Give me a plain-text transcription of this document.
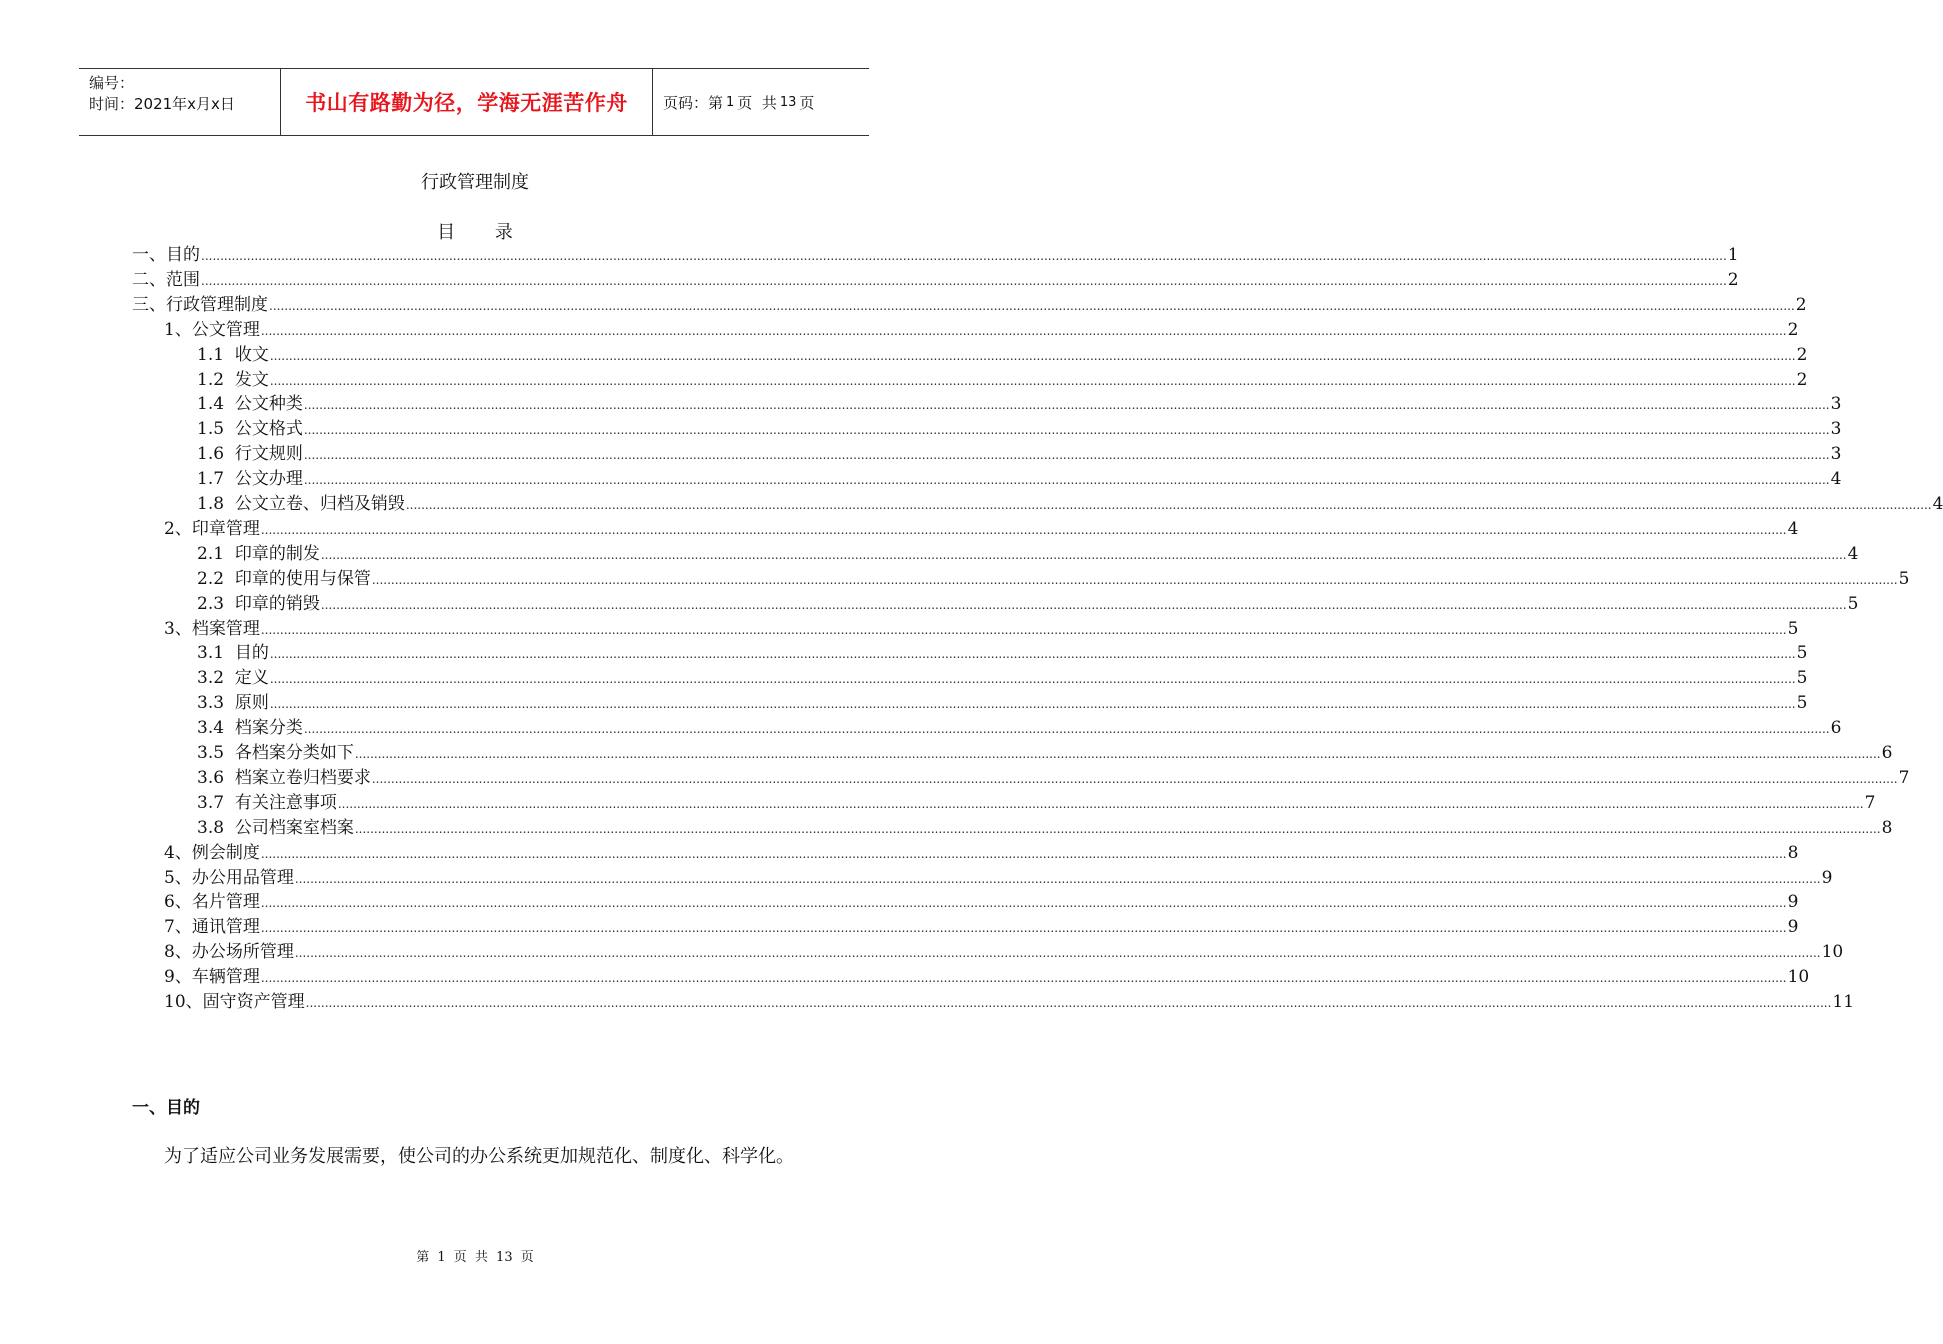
编号：
时间：2021年x月x日	书山有路勤为径，学海无涯苦作舟	页码：第 1 页  共 13 页
行政管理制度
目 录
一、目的 ................................................................................................................................................................................................................................................................................................................................................................................................................ 1
二、范围 ................................................................................................................................................................................................................................................................................................................................................................................................................ 2
三、行政管理制度 ................................................................................................................................................................................................................................................................................................................................................................................................................ 2
1、公文管理 ................................................................................................................................................................................................................................................................................................................................................................................................................ 2
1.1  收文 ................................................................................................................................................................................................................................................................................................................................................................................................................ 2
1.2  发文 ................................................................................................................................................................................................................................................................................................................................................................................................................ 2
1.4  公文种类 ................................................................................................................................................................................................................................................................................................................................................................................................................ 3
1.5  公文格式 ................................................................................................................................................................................................................................................................................................................................................................................................................ 3
1.6  行文规则 ................................................................................................................................................................................................................................................................................................................................................................................................................ 3
1.7  公文办理 ................................................................................................................................................................................................................................................................................................................................................................................................................ 4
1.8  公文立卷、归档及销毁 ................................................................................................................................................................................................................................................................................................................................................................................................................ 4
2、印章管理 ................................................................................................................................................................................................................................................................................................................................................................................................................ 4
2.1  印章的制发 ................................................................................................................................................................................................................................................................................................................................................................................................................ 4
2.2  印章的使用与保管 ................................................................................................................................................................................................................................................................................................................................................................................................................ 5
2.3  印章的销毁 ................................................................................................................................................................................................................................................................................................................................................................................................................ 5
3、档案管理 ................................................................................................................................................................................................................................................................................................................................................................................................................ 5
3.1  目的 ................................................................................................................................................................................................................................................................................................................................................................................................................ 5
3.2  定义 ................................................................................................................................................................................................................................................................................................................................................................................................................ 5
3.3  原则 ................................................................................................................................................................................................................................................................................................................................................................................................................ 5
3.4  档案分类 ................................................................................................................................................................................................................................................................................................................................................................................................................ 6
3.5  各档案分类如下 ................................................................................................................................................................................................................................................................................................................................................................................................................ 6
3.6  档案立卷归档要求 ................................................................................................................................................................................................................................................................................................................................................................................................................ 7
3.7  有关注意事项 ................................................................................................................................................................................................................................................................................................................................................................................................................ 7
3.8  公司档案室档案 ................................................................................................................................................................................................................................................................................................................................................................................................................ 8
4、例会制度 ................................................................................................................................................................................................................................................................................................................................................................................................................ 8
5、办公用品管理 ................................................................................................................................................................................................................................................................................................................................................................................................................ 9
6、名片管理 ................................................................................................................................................................................................................................................................................................................................................................................................................ 9
7、通讯管理 ................................................................................................................................................................................................................................................................................................................................................................................................................ 9
8、办公场所管理 ................................................................................................................................................................................................................................................................................................................................................................................................................ 10
9、车辆管理 ................................................................................................................................................................................................................................................................................................................................................................................................................ 10
10、固守资产管理 ................................................................................................................................................................................................................................................................................................................................................................................................................ 11
一、目的
为了适应公司业务发展需要，使公司的办公系统更加规范化、制度化、科学化。
第 1 页 共 13 页
